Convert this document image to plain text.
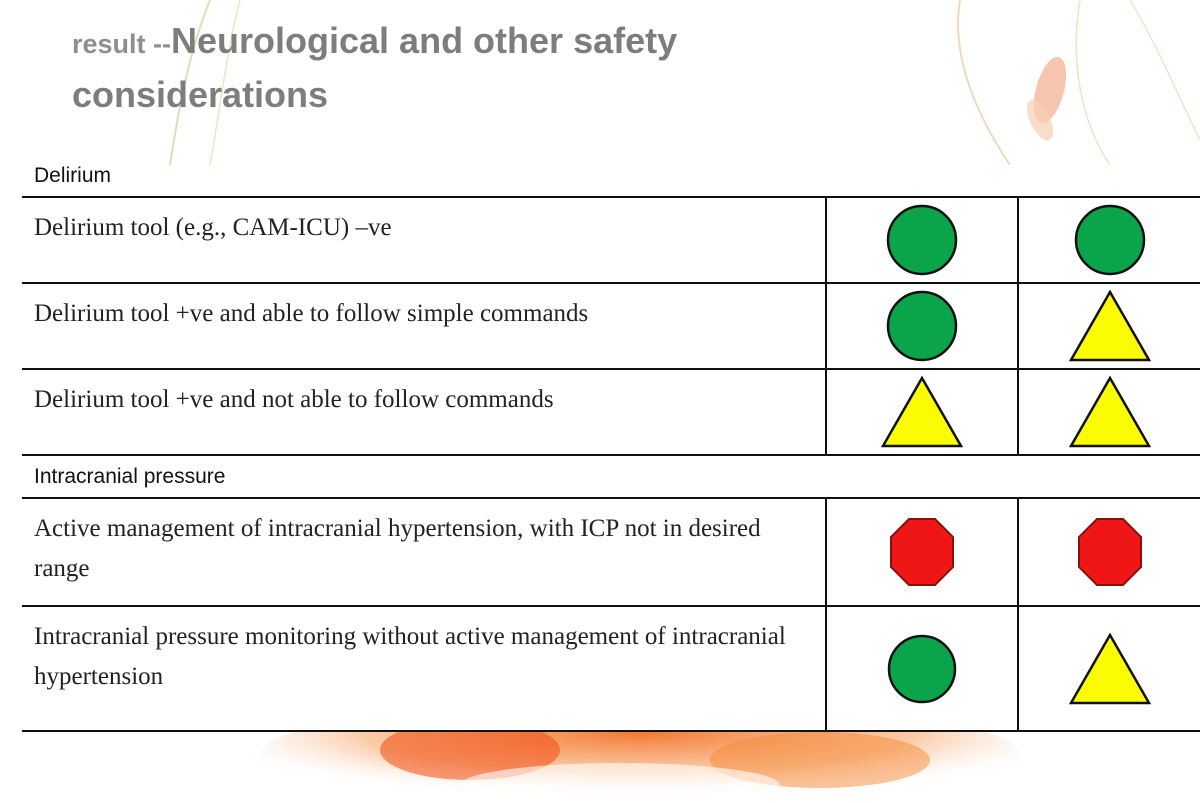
result --Neurological and other safety considerations
Delirium
Delirium tool (e.g., CAM-ICU) –ve
Delirium tool +ve and able to follow simple commands
Delirium tool +ve and not able to follow commands
Intracranial pressure
Active management of intracranial hypertension, with ICP not in desired range
Intracranial pressure monitoring without active management of intracranial hypertension
